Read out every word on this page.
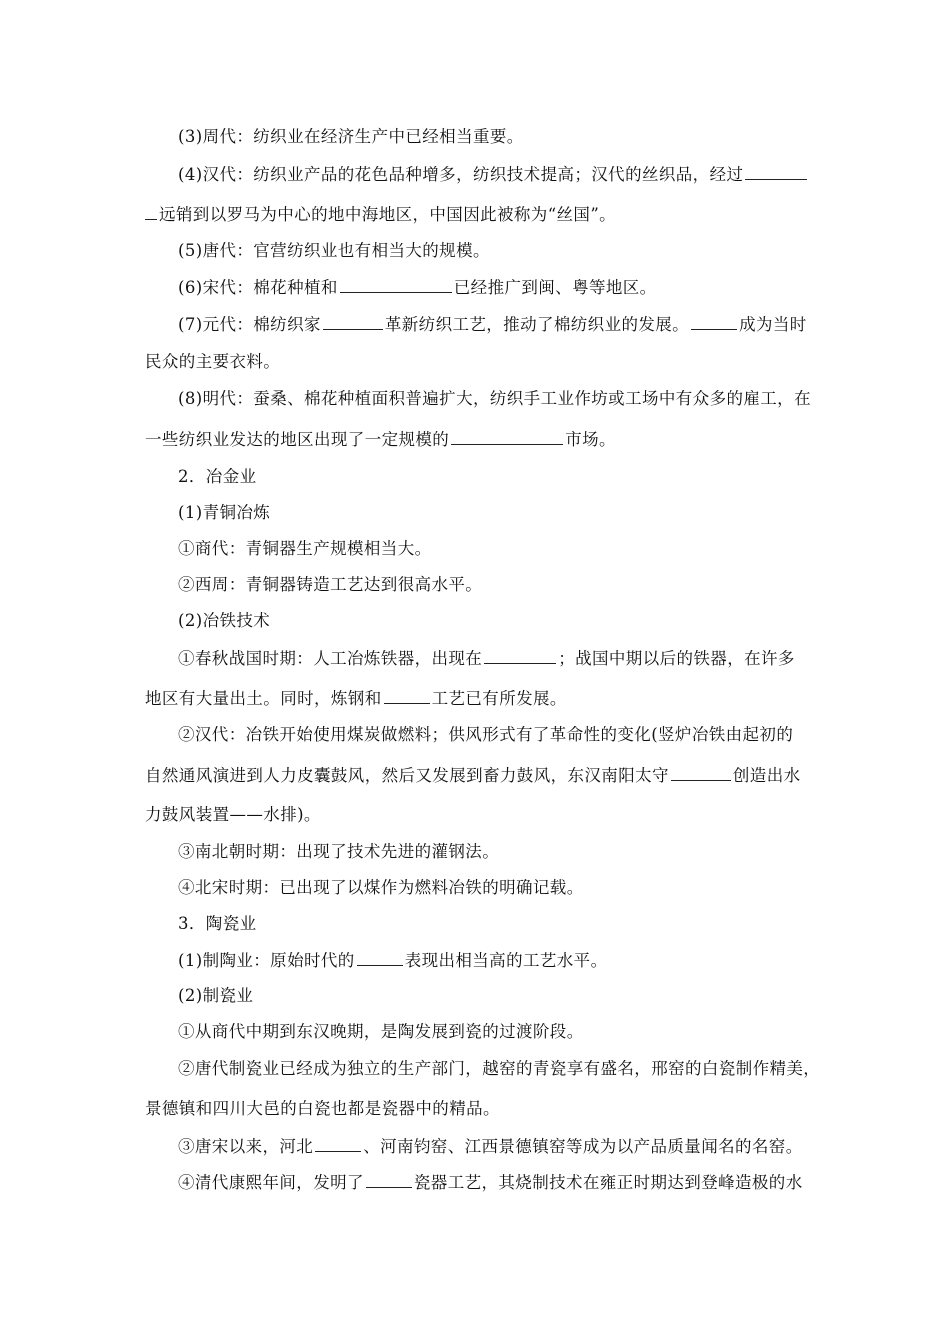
(3)周代：纺织业在经济生产中已经相当重要。
(4)汉代：纺织业产品的花色品种增多，纺织技术提高；汉代的丝织品，经过
远销到以罗马为中心的地中海地区，中国因此被称为“丝国”。
(5)唐代：官营纺织业也有相当大的规模。
(6)宋代：棉花种植和	已经推广到闽、粤等地区。
(7)元代：棉纺织家	革新纺织工艺，推动了棉纺织业的发展。	成为当时
民众的主要衣料。
(8)明代：蚕桑、棉花种植面积普遍扩大，纺织手工业作坊或工场中有众多的雇工，在
一些纺织业发达的地区出现了一定规模的	市场。
2．冶金业
(1)青铜冶炼
①商代：青铜器生产规模相当大。
②西周：青铜器铸造工艺达到很高水平。
(2)冶铁技术
①春秋战国时期：人工冶炼铁器，出现在	；战国中期以后的铁器，在许多
地区有大量出土。同时，炼钢和	工艺已有所发展。
②汉代：冶铁开始使用煤炭做燃料；供风形式有了革命性的变化(竖炉冶铁由起初的
自然通风演进到人力皮囊鼓风，然后又发展到畜力鼓风，东汉南阳太守	创造出水
力鼓风装置——水排)。
③南北朝时期：出现了技术先进的灌钢法。
④北宋时期：已出现了以煤作为燃料冶铁的明确记载。
3．陶瓷业
(1)制陶业：原始时代的	表现出相当高的工艺水平。
(2)制瓷业
①从商代中期到东汉晚期，是陶发展到瓷的过渡阶段。
②唐代制瓷业已经成为独立的生产部门，越窑的青瓷享有盛名，邢窑的白瓷制作精美，
景德镇和四川大邑的白瓷也都是瓷器中的精品。
③唐宋以来，河北	、河南钧窑、江西景德镇窑等成为以产品质量闻名的名窑。
④清代康熙年间，发明了	瓷器工艺，其烧制技术在雍正时期达到登峰造极的水
